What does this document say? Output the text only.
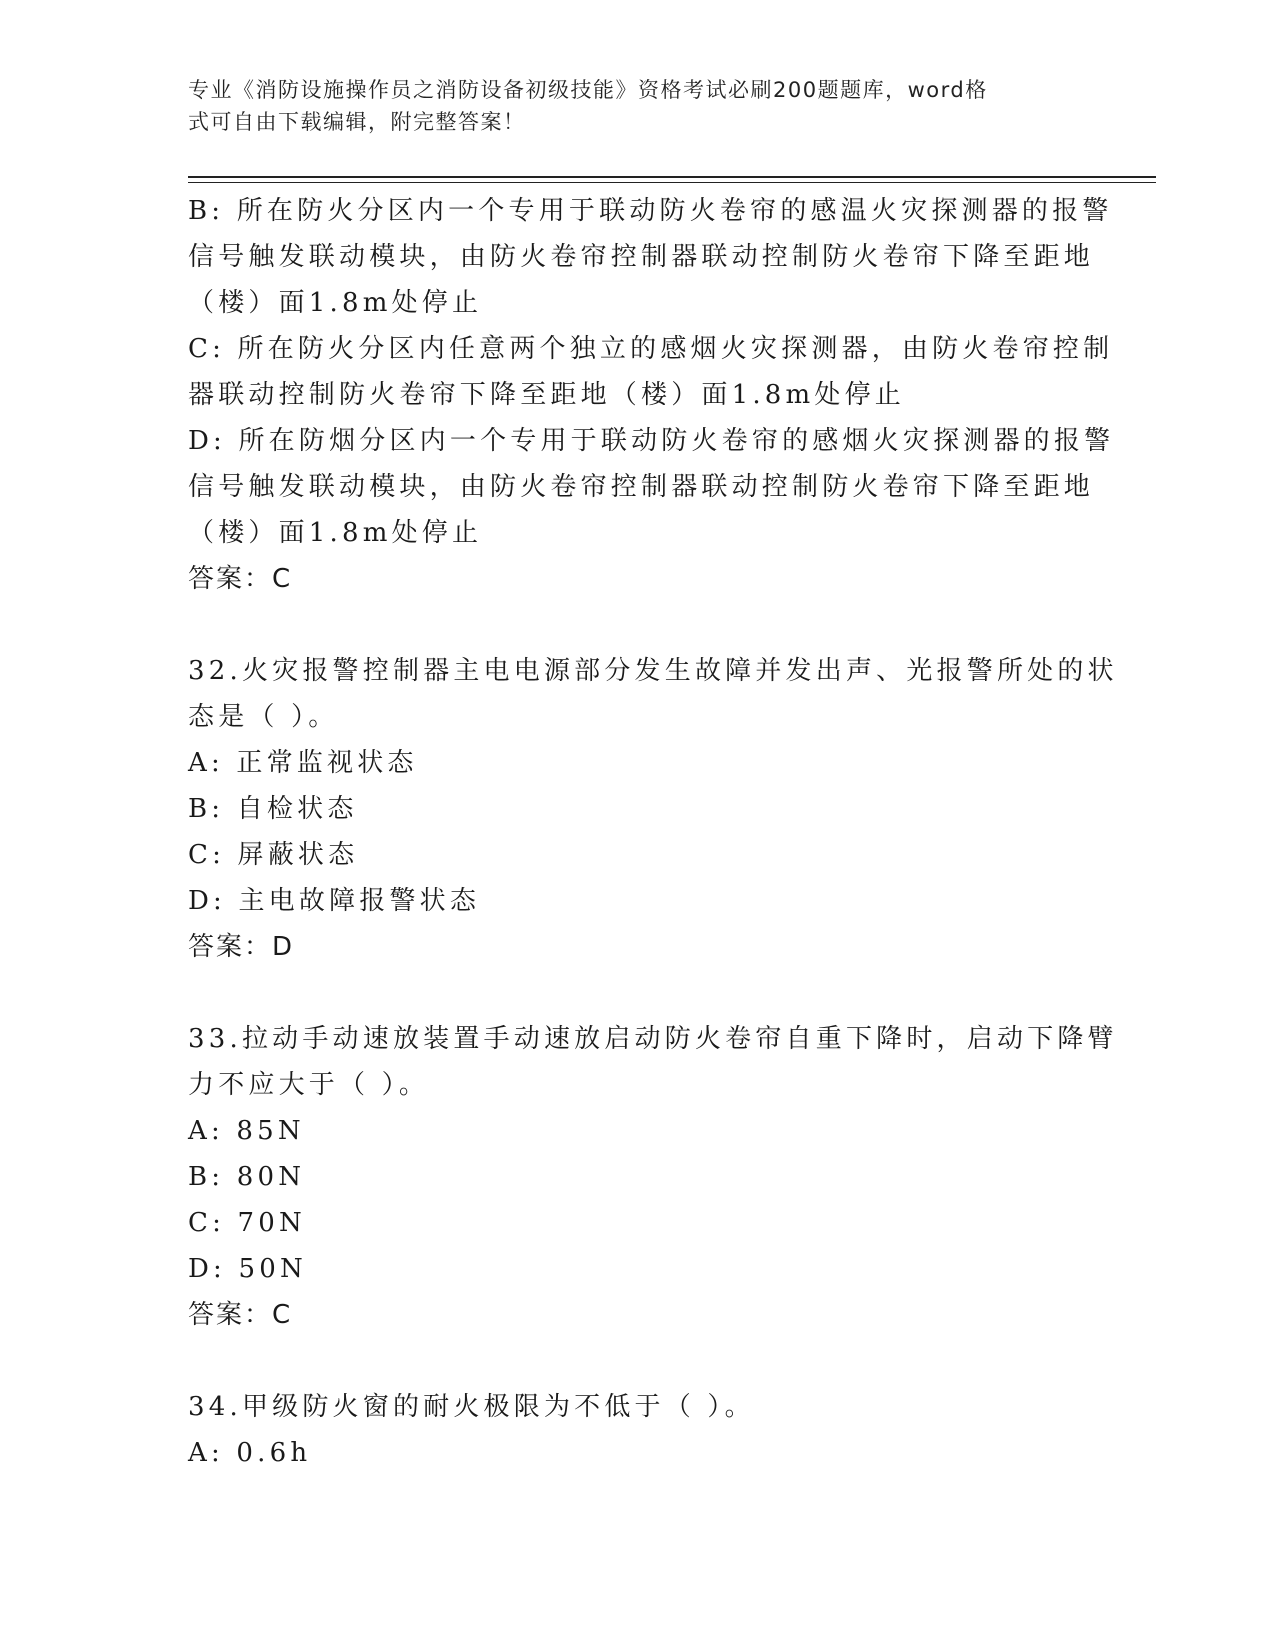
专业《消防设施操作员之消防设备初级技能》资格考试必刷200题题库，word格
式可自由下载编辑，附完整答案！

B: 所在防火分区内一个专用于联动防火卷帘的感温火灾探测器的报警

信号触发联动模块，由防火卷帘控制器联动控制防火卷帘下降至距地

（楼）面1.8m处停止

C: 所在防火分区内任意两个独立的感烟火灾探测器，由防火卷帘控制

器联动控制防火卷帘下降至距地（楼）面1.8m处停止

D: 所在防烟分区内一个专用于联动防火卷帘的感烟火灾探测器的报警

信号触发联动模块，由防火卷帘控制器联动控制防火卷帘下降至距地

（楼）面1.8m处停止

答案：C

32.火灾报警控制器主电电源部分发生故障并发出声、光报警所处的状

态是（ ）。

A: 正常监视状态

B: 自检状态

C: 屏蔽状态

D: 主电故障报警状态

答案：D

33.拉动手动速放装置手动速放启动防火卷帘自重下降时，启动下降臂

力不应大于（ ）。

A: 85N

B: 80N

C: 70N

D: 50N

答案：C

34.甲级防火窗的耐火极限为不低于（ ）。

A: 0.6h
